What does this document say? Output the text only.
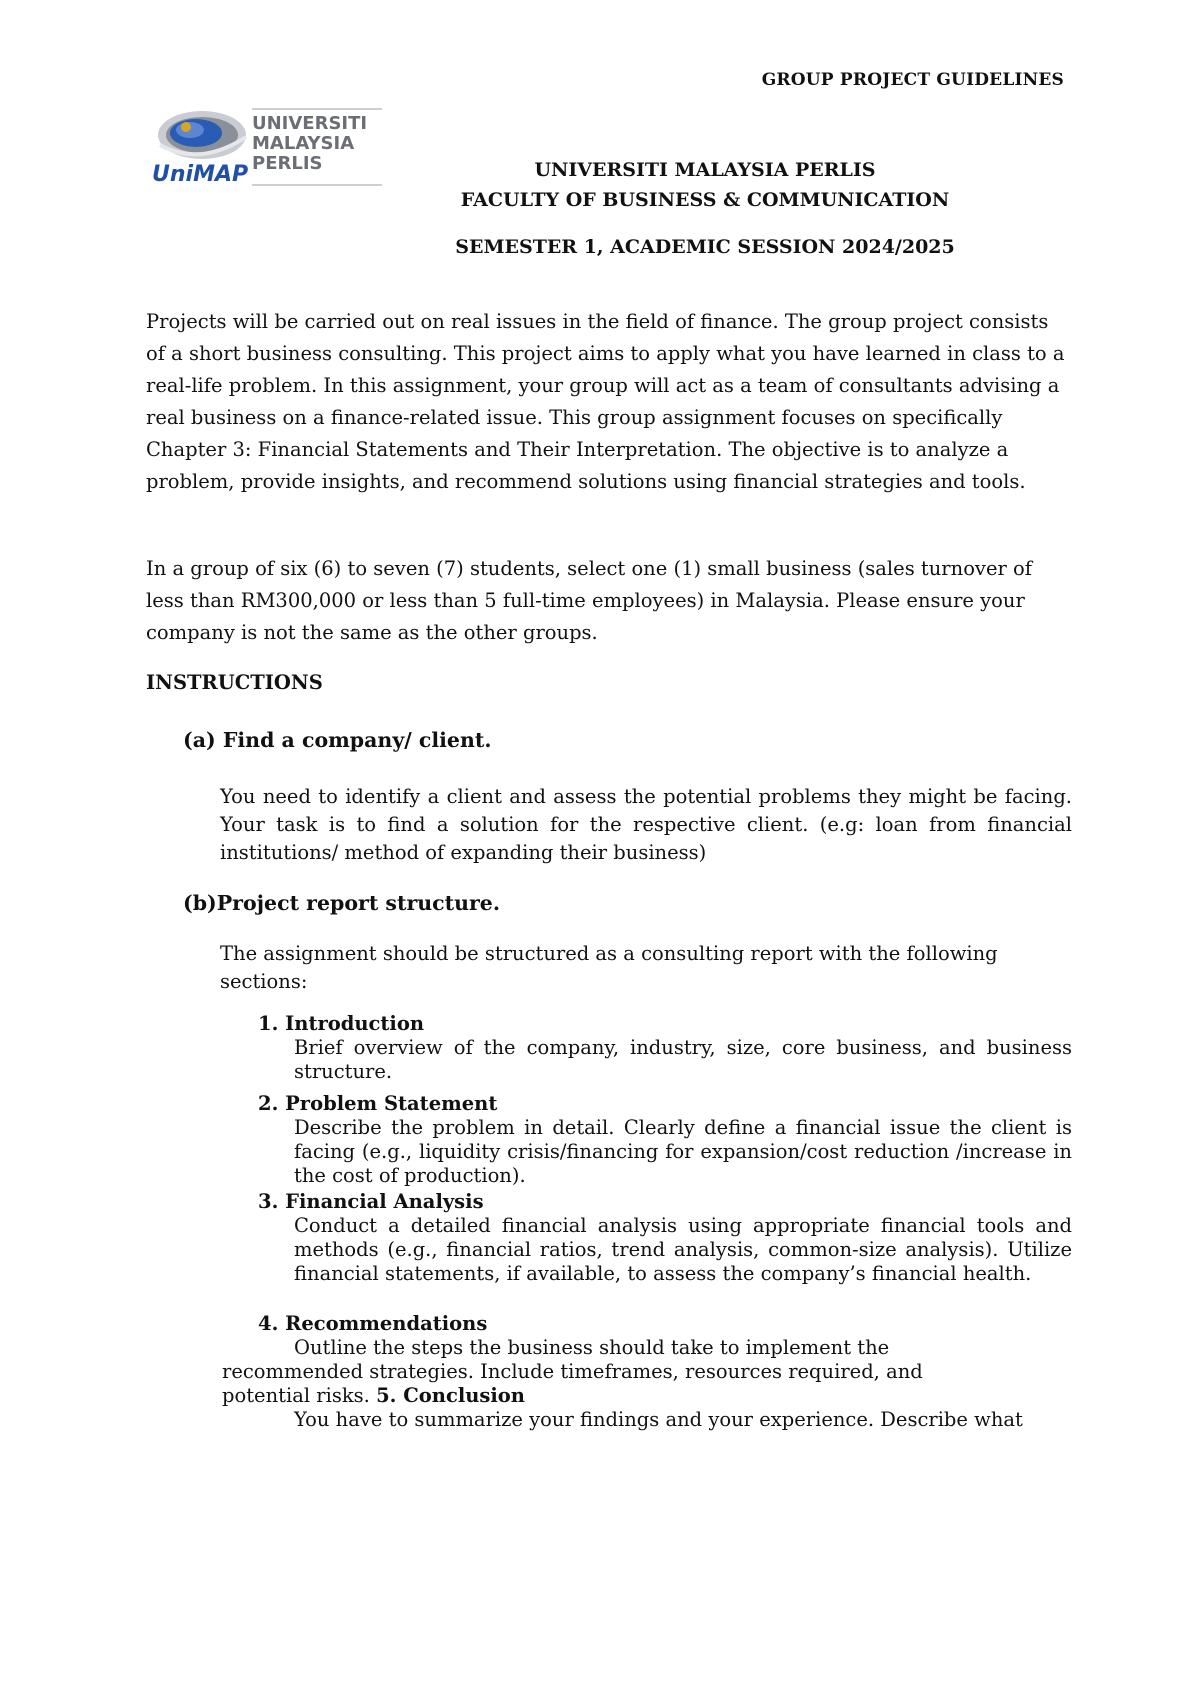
GROUP PROJECT GUIDELINES
UNIVERSITI
MALAYSIA
PERLIS
UniMAP	UNIVERSITI MALAYSIA PERLIS
FACULTY OF BUSINESS & COMMUNICATION
SEMESTER 1, ACADEMIC SESSION 2024/2025
Projects will be carried out on real issues in the field of finance. The group project consists of a short business consulting. This project aims to apply what you have learned in class to a real-life problem. In this assignment, your group will act as a team of consultants advising a real business on a finance-related issue. This group assignment focuses on specifically Chapter 3: Financial Statements and Their Interpretation. The objective is to analyze a problem, provide insights, and recommend solutions using financial strategies and tools.
In a group of six (6) to seven (7) students, select one (1) small business (sales turnover of less than RM300,000 or less than 5 full-time employees) in Malaysia. Please ensure your company is not the same as the other groups.
INSTRUCTIONS
(a) Find a company/ client.
You need to identify a client and assess the potential problems they might be facing. Your task is to find a solution for the respective client. (e.g: loan from financial institutions/ method of expanding their business)
(b)Project report structure.
The assignment should be structured as a consulting report with the following sections:
1. Introduction
Brief overview of the company, industry, size, core business, and business structure.
2. Problem Statement
Describe the problem in detail. Clearly define a financial issue the client is facing (e.g., liquidity crisis/financing for expansion/cost reduction /increase in the cost of production).
3. Financial Analysis
Conduct a detailed financial analysis using appropriate financial tools and methods (e.g., financial ratios, trend analysis, common-size analysis). Utilize financial statements, if available, to assess the company’s financial health.
4. Recommendations
Outline the steps the business should take to implement the
recommended strategies. Include timeframes, resources required, and
potential risks. 5. Conclusion
You have to summarize your findings and your experience. Describe what
